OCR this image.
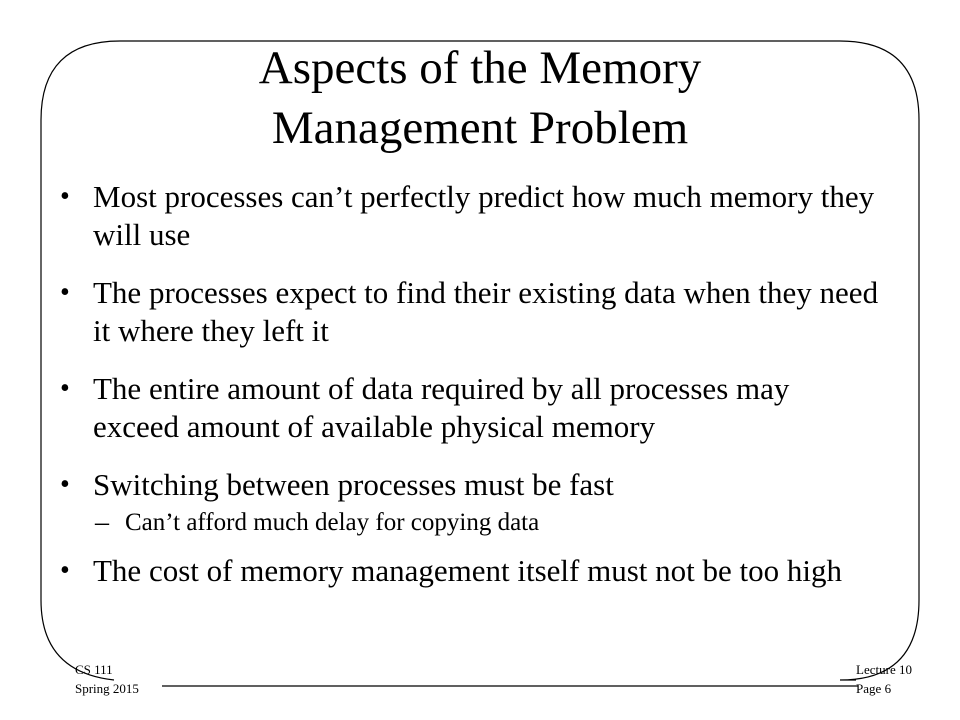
Aspects of the Memory
Management Problem
• Most processes can’t perfectly predict how much memory they will use
• The processes expect to find their existing data when they need it where they left it
• The entire amount of data required by all processes may exceed amount of available physical memory
• Switching between processes must be fast
– Can’t afford much delay for copying data
• The cost of memory management itself must not be too high
CS 111
Spring 2015
Lecture 10
Page 6
